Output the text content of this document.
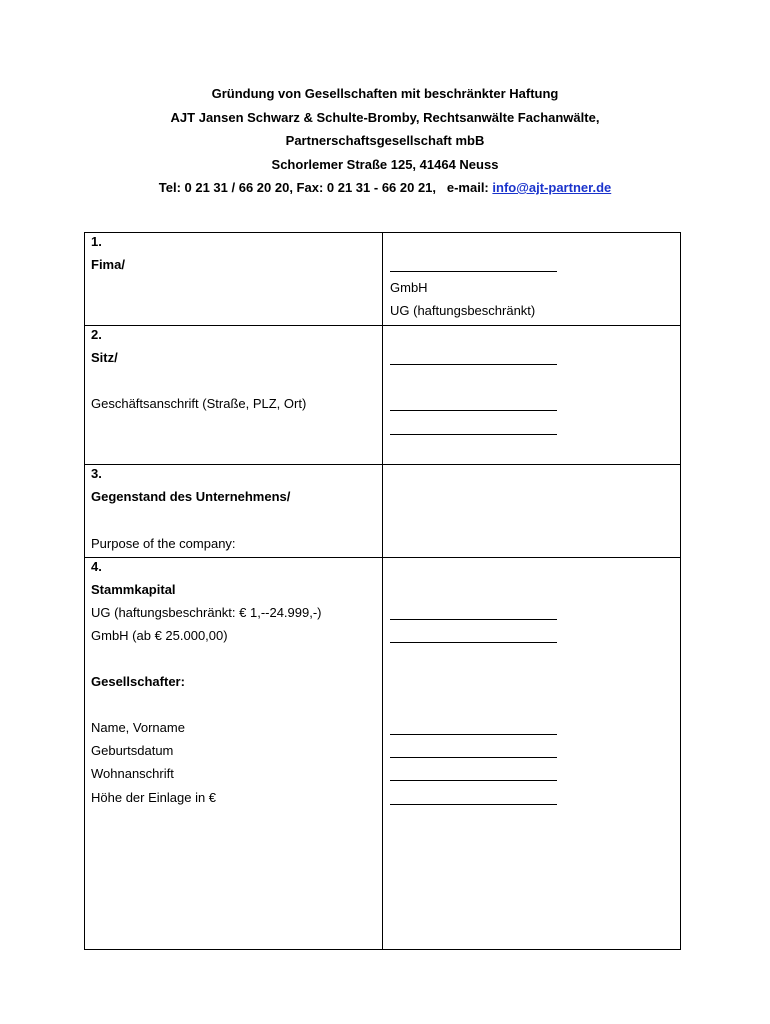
Gründung von Gesellschaften mit beschränkter Haftung
AJT Jansen Schwarz & Schulte-Bromby, Rechtsanwälte Fachanwälte,
Partnerschaftsgesellschaft mbB
Schorlemer Straße 125, 41464 Neuss
Tel: 0 21 31 / 66 20 20, Fax: 0 21 31 - 66 20 21,   e-mail: info@ajt-partner.de
1.
Fima/
GmbH
UG (haftungsbeschränkt)
2.
Sitz/
Geschäftsanschrift (Straße, PLZ, Ort)
3.
Gegenstand des Unternehmens/
Purpose of the company:
4.
Stammkapital
UG (haftungsbeschränkt: € 1,--24.999,-)
GmbH (ab € 25.000,00)
Gesellschafter:
Name, Vorname
Geburtsdatum
Wohnanschrift
Höhe der Einlage in €
